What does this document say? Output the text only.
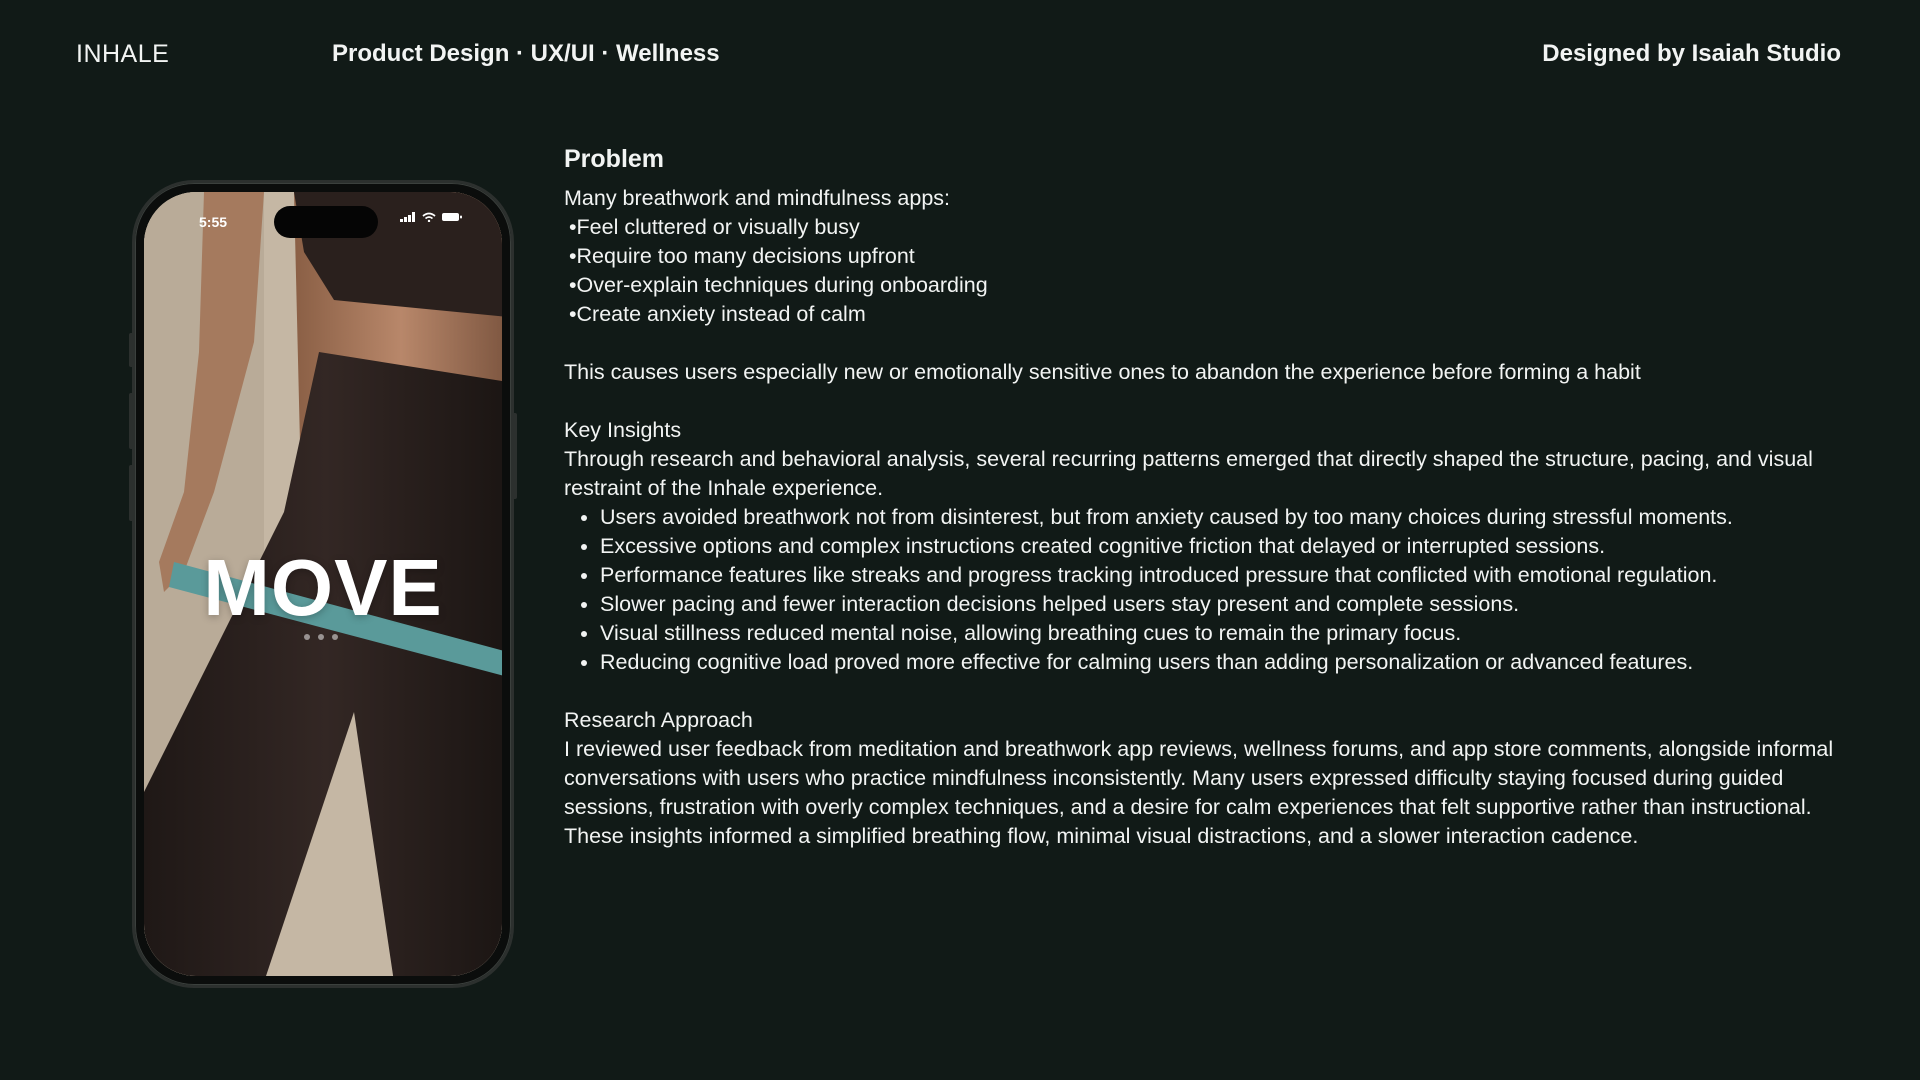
INHALE	Product Design · UX/UI · Wellness	Designed by Isaiah Studio
5:55
MOVE
Problem

Many breathwork and mindfulness apps:

• Feel cluttered or visually busy
• Require too many decisions upfront
• Over-explain techniques during onboarding
• Create anxiety instead of calm

This causes users especially new or emotionally sensitive ones to abandon the experience before forming a habit

Key Insights

Through research and behavioral analysis, several recurring patterns emerged that directly shaped the structure, pacing, and visual restraint of the Inhale experience.

• Users avoided breathwork not from disinterest, but from anxiety caused by too many choices during stressful moments.
• Excessive options and complex instructions created cognitive friction that delayed or interrupted sessions.
• Performance features like streaks and progress tracking introduced pressure that conflicted with emotional regulation.
• Slower pacing and fewer interaction decisions helped users stay present and complete sessions.
• Visual stillness reduced mental noise, allowing breathing cues to remain the primary focus.
• Reducing cognitive load proved more effective for calming users than adding personalization or advanced features.

Research Approach

I reviewed user feedback from meditation and breathwork app reviews, wellness forums, and app store comments, alongside informal conversations with users who practice mindfulness inconsistently. Many users expressed difficulty staying focused during guided sessions, frustration with overly complex techniques, and a desire for calm experiences that felt supportive rather than instructional. These insights informed a simplified breathing flow, minimal visual distractions, and a slower interaction cadence.
